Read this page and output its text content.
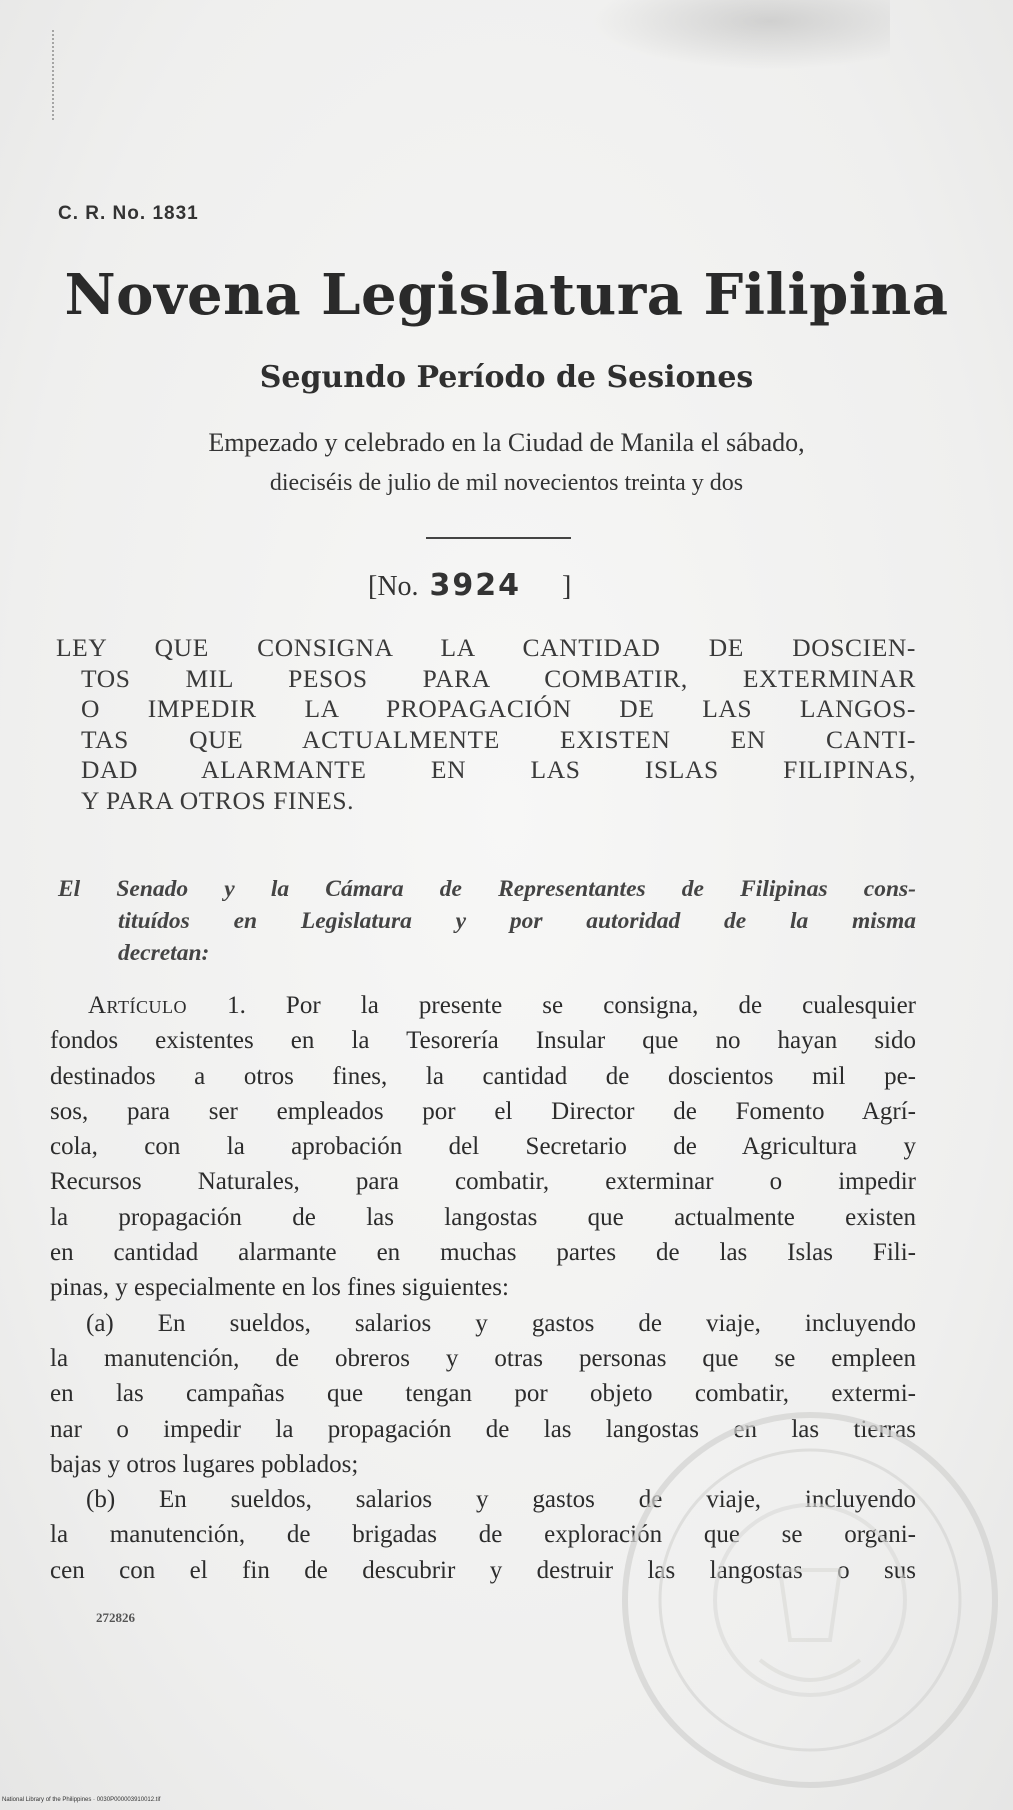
C. R. No. 1831
Novena Legislatura Filipina
Segundo Período de Sesiones
Empezado y celebrado en la Ciudad de Manila el sábado,
dieciséis de julio de mil novecientos treinta y dos
[No. 3924 ]
LEY QUE CONSIGNA LA CANTIDAD DE DOSCIEN-
TOS MIL PESOS PARA COMBATIR, EXTERMINAR
O IMPEDIR LA PROPAGACIÓN DE LAS LANGOS-
TAS QUE ACTUALMENTE EXISTEN EN CANTI-
DAD ALARMANTE EN LAS ISLAS FILIPINAS,
Y PARA OTROS FINES.
El Senado y la Cámara de Representantes de Filipinas cons-
tituídos en Legislatura y por autoridad de la misma
decretan:
Artículo 1. Por la presente se consigna, de cualesquier
fondos existentes en la Tesorería Insular que no hayan sido
destinados a otros fines, la cantidad de doscientos mil pe-
sos, para ser empleados por el Director de Fomento Agrí-
cola, con la aprobación del Secretario de Agricultura y
Recursos Naturales, para combatir, exterminar o impedir
la propagación de las langostas que actualmente existen
en cantidad alarmante en muchas partes de las Islas Fili-
pinas, y especialmente en los fines siguientes:
(a) En sueldos, salarios y gastos de viaje, incluyendo
la manutención, de obreros y otras personas que se empleen
en las campañas que tengan por objeto combatir, extermi-
nar o impedir la propagación de las langostas en las tierras
bajas y otros lugares poblados;
(b) En sueldos, salarios y gastos de viaje, incluyendo
la manutención, de brigadas de exploración que se organi-
cen con el fin de descubrir y destruir las langostas o sus
272826
National Library of the Philippines · 0030P000003910012.tif
